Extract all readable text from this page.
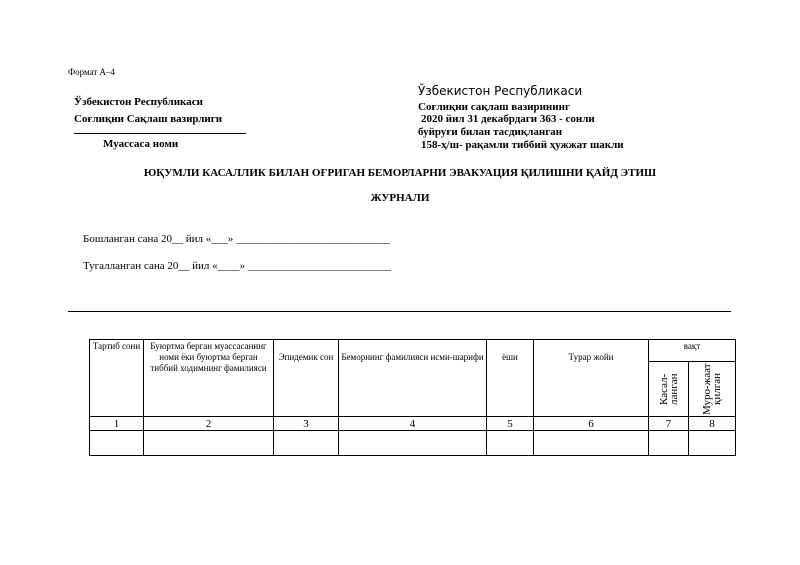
Формат А–4
Ўзбекистон Республикаси
Соғлиқни Сақлаш вазирлиги
Муассаса номи
Ўзбекистон Республикаси
Соғлиқни сақлаш вазирининг
2020 йил 31 декабрдаги 363 - сонли
буйруғи билан тасдиқланган
158-ҳ/ш- рақамли тиббий ҳужжат шакли
ЮҚУМЛИ КАСАЛЛИК БИЛАН ОҒРИГАН БЕМОРЛАРНИ ЭВАКУАЦИЯ ҚИЛИШНИ ҚАЙД ЭТИШ
ЖУРНАЛИ
Бошланган сана 20__ йил «___» ____________________________
Тугалланган сана 20__ йил «____» __________________________
Тартиб сони	Буюртма берган муассасанинг номи ёки буюртма берган тиббий ходимнинг фамилияси	Эпидемик сон	Беморнинг фамилияси исми-шарифи	ёши	Турар жойи	вақт	

						Касал-ланган	Муро-жаат қилган

1	2	3	4	5	6	7	8
